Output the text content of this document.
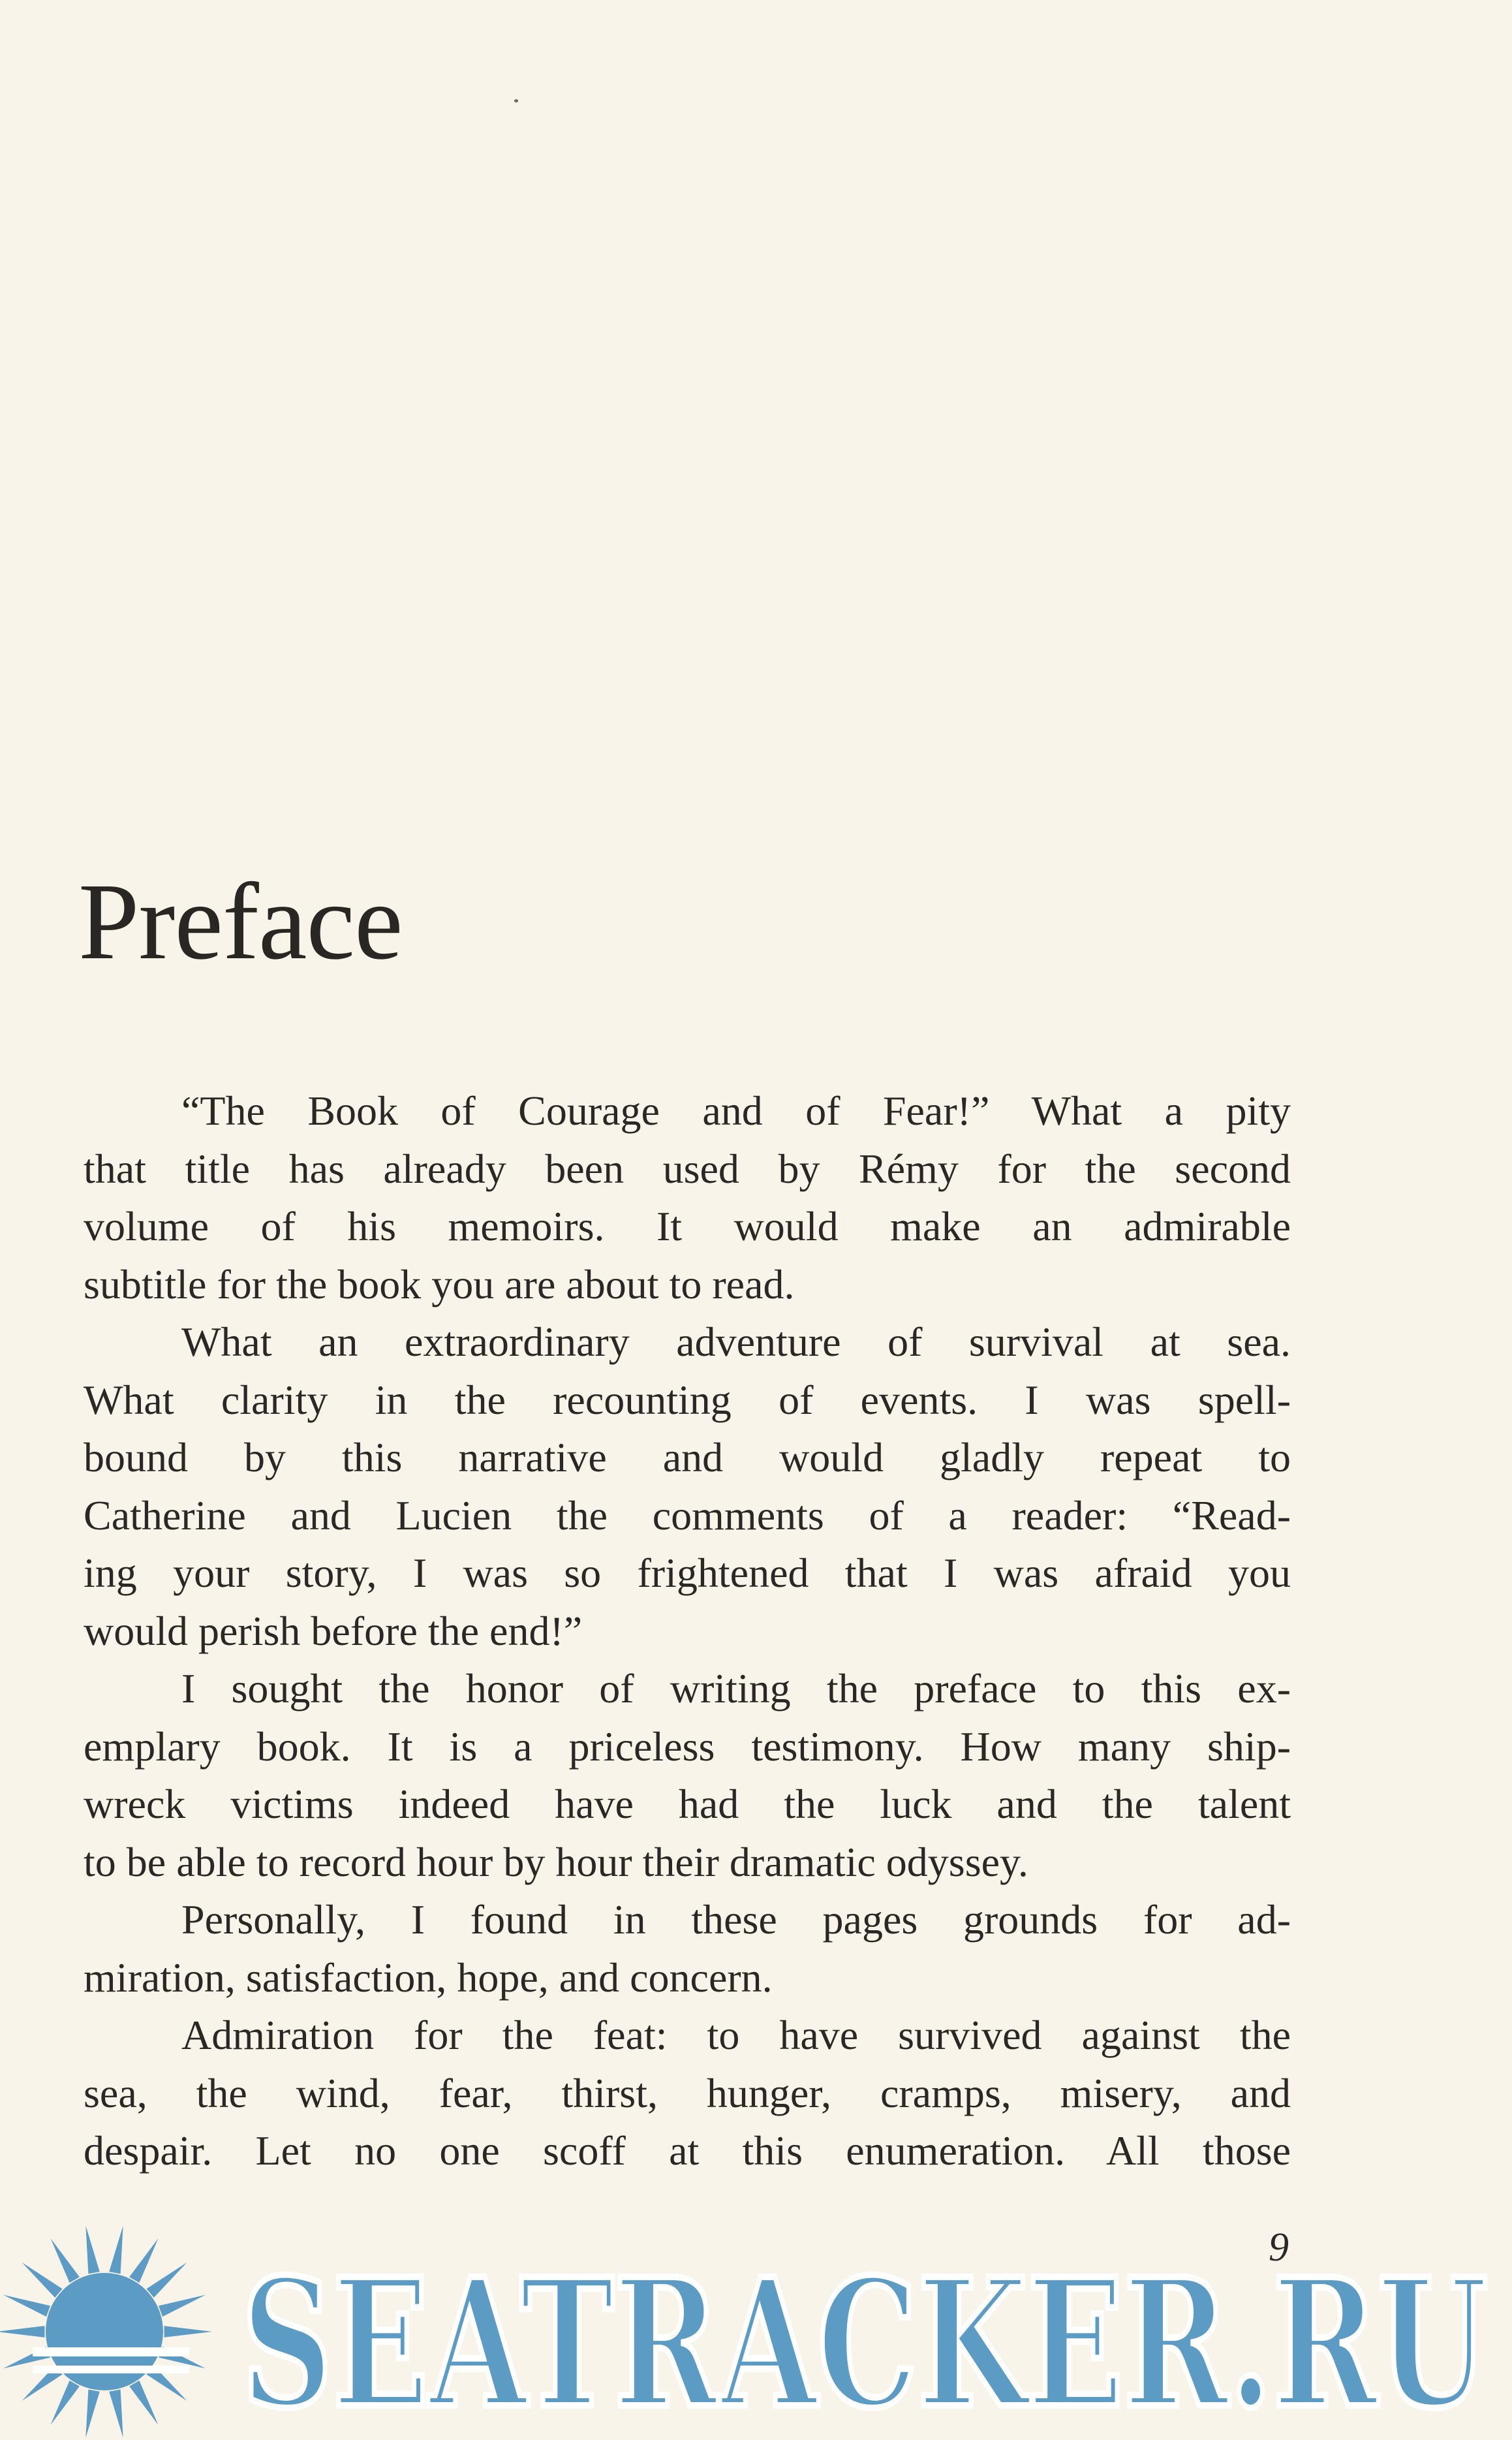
Preface
“The Book of Courage and of Fear!” What a pity
that title has already been used by Rémy for the second
volume of his memoirs. It would make an admirable
subtitle for the book you are about to read.
What an extraordinary adventure of survival at sea.
What clarity in the recounting of events. I was spell-
bound by this narrative and would gladly repeat to
Catherine and Lucien the comments of a reader: “Read-
ing your story, I was so frightened that I was afraid you
would perish before the end!”
I sought the honor of writing the preface to this ex-
emplary book. It is a priceless testimony. How many ship-
wreck victims indeed have had the luck and the talent
to be able to record hour by hour their dramatic odyssey.
Personally, I found in these pages grounds for ad-
miration, satisfaction, hope, and concern.
Admiration for the feat: to have survived against the
sea, the wind, fear, thirst, hunger, cramps, misery, and
despair. Let no one scoff at this enumeration. All those
9
SEATRACKER.RU
